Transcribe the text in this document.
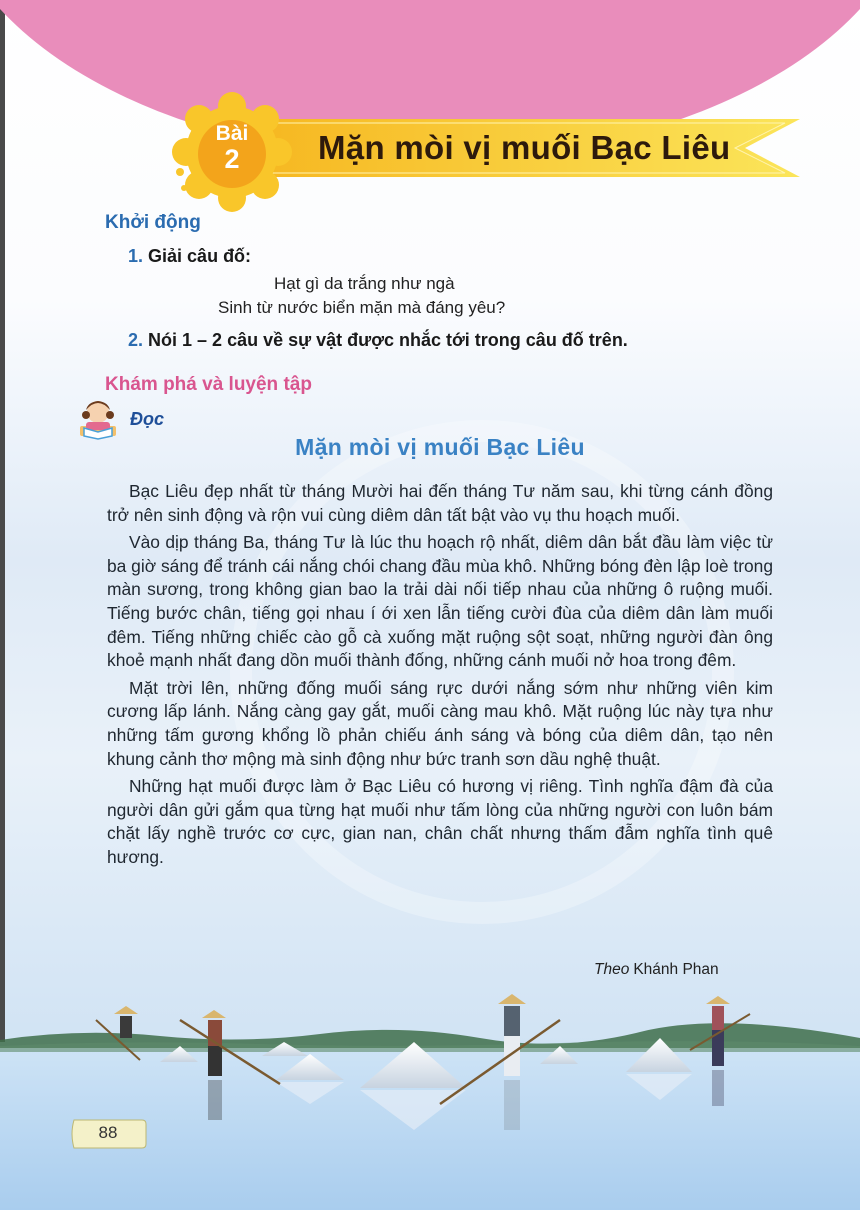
Mặn mòi vị muối Bạc Liêu
Bài
2
Khởi động
1. Giải câu đố:
Hạt gì da trắng như ngà
Sinh từ nước biển mặn mà đáng yêu?
2. Nói 1 – 2 câu về sự vật được nhắc tới trong câu đố trên.
Khám phá và luyện tập
Đọc
Mặn mòi vị muối Bạc Liêu

Bạc Liêu đẹp nhất từ tháng Mười hai đến tháng Tư năm sau, khi từng cánh đồng trở nên sinh động và rộn vui cùng diêm dân tất bật vào vụ thu hoạch muối.

Vào dịp tháng Ba, tháng Tư là lúc thu hoạch rộ nhất, diêm dân bắt đầu làm việc từ ba giờ sáng để tránh cái nắng chói chang đầu mùa khô. Những bóng đèn lập loè trong màn sương, trong không gian bao la trải dài nối tiếp nhau của những ô ruộng muối. Tiếng bước chân, tiếng gọi nhau í ới xen lẫn tiếng cười đùa của diêm dân làm muối đêm. Tiếng những chiếc cào gỗ cà xuống mặt ruộng sột soạt, những người đàn ông khoẻ mạnh nhất đang dồn muối thành đống, những cánh muối nở hoa trong đêm.

Mặt trời lên, những đống muối sáng rực dưới nắng sớm như những viên kim cương lấp lánh. Nắng càng gay gắt, muối càng mau khô. Mặt ruộng lúc này tựa như những tấm gương khổng lồ phản chiếu ánh sáng và bóng của diêm dân, tạo nên khung cảnh thơ mộng mà sinh động như bức tranh sơn dầu nghệ thuật.

Những hạt muối được làm ở Bạc Liêu có hương vị riêng. Tình nghĩa đậm đà của người dân gửi gắm qua từng hạt muối như tấm lòng của những người con luôn bám chặt lấy nghề trước cơ cực, gian nan, chân chất nhưng thấm đẫm nghĩa tình quê hương.

Theo Khánh Phan
88
